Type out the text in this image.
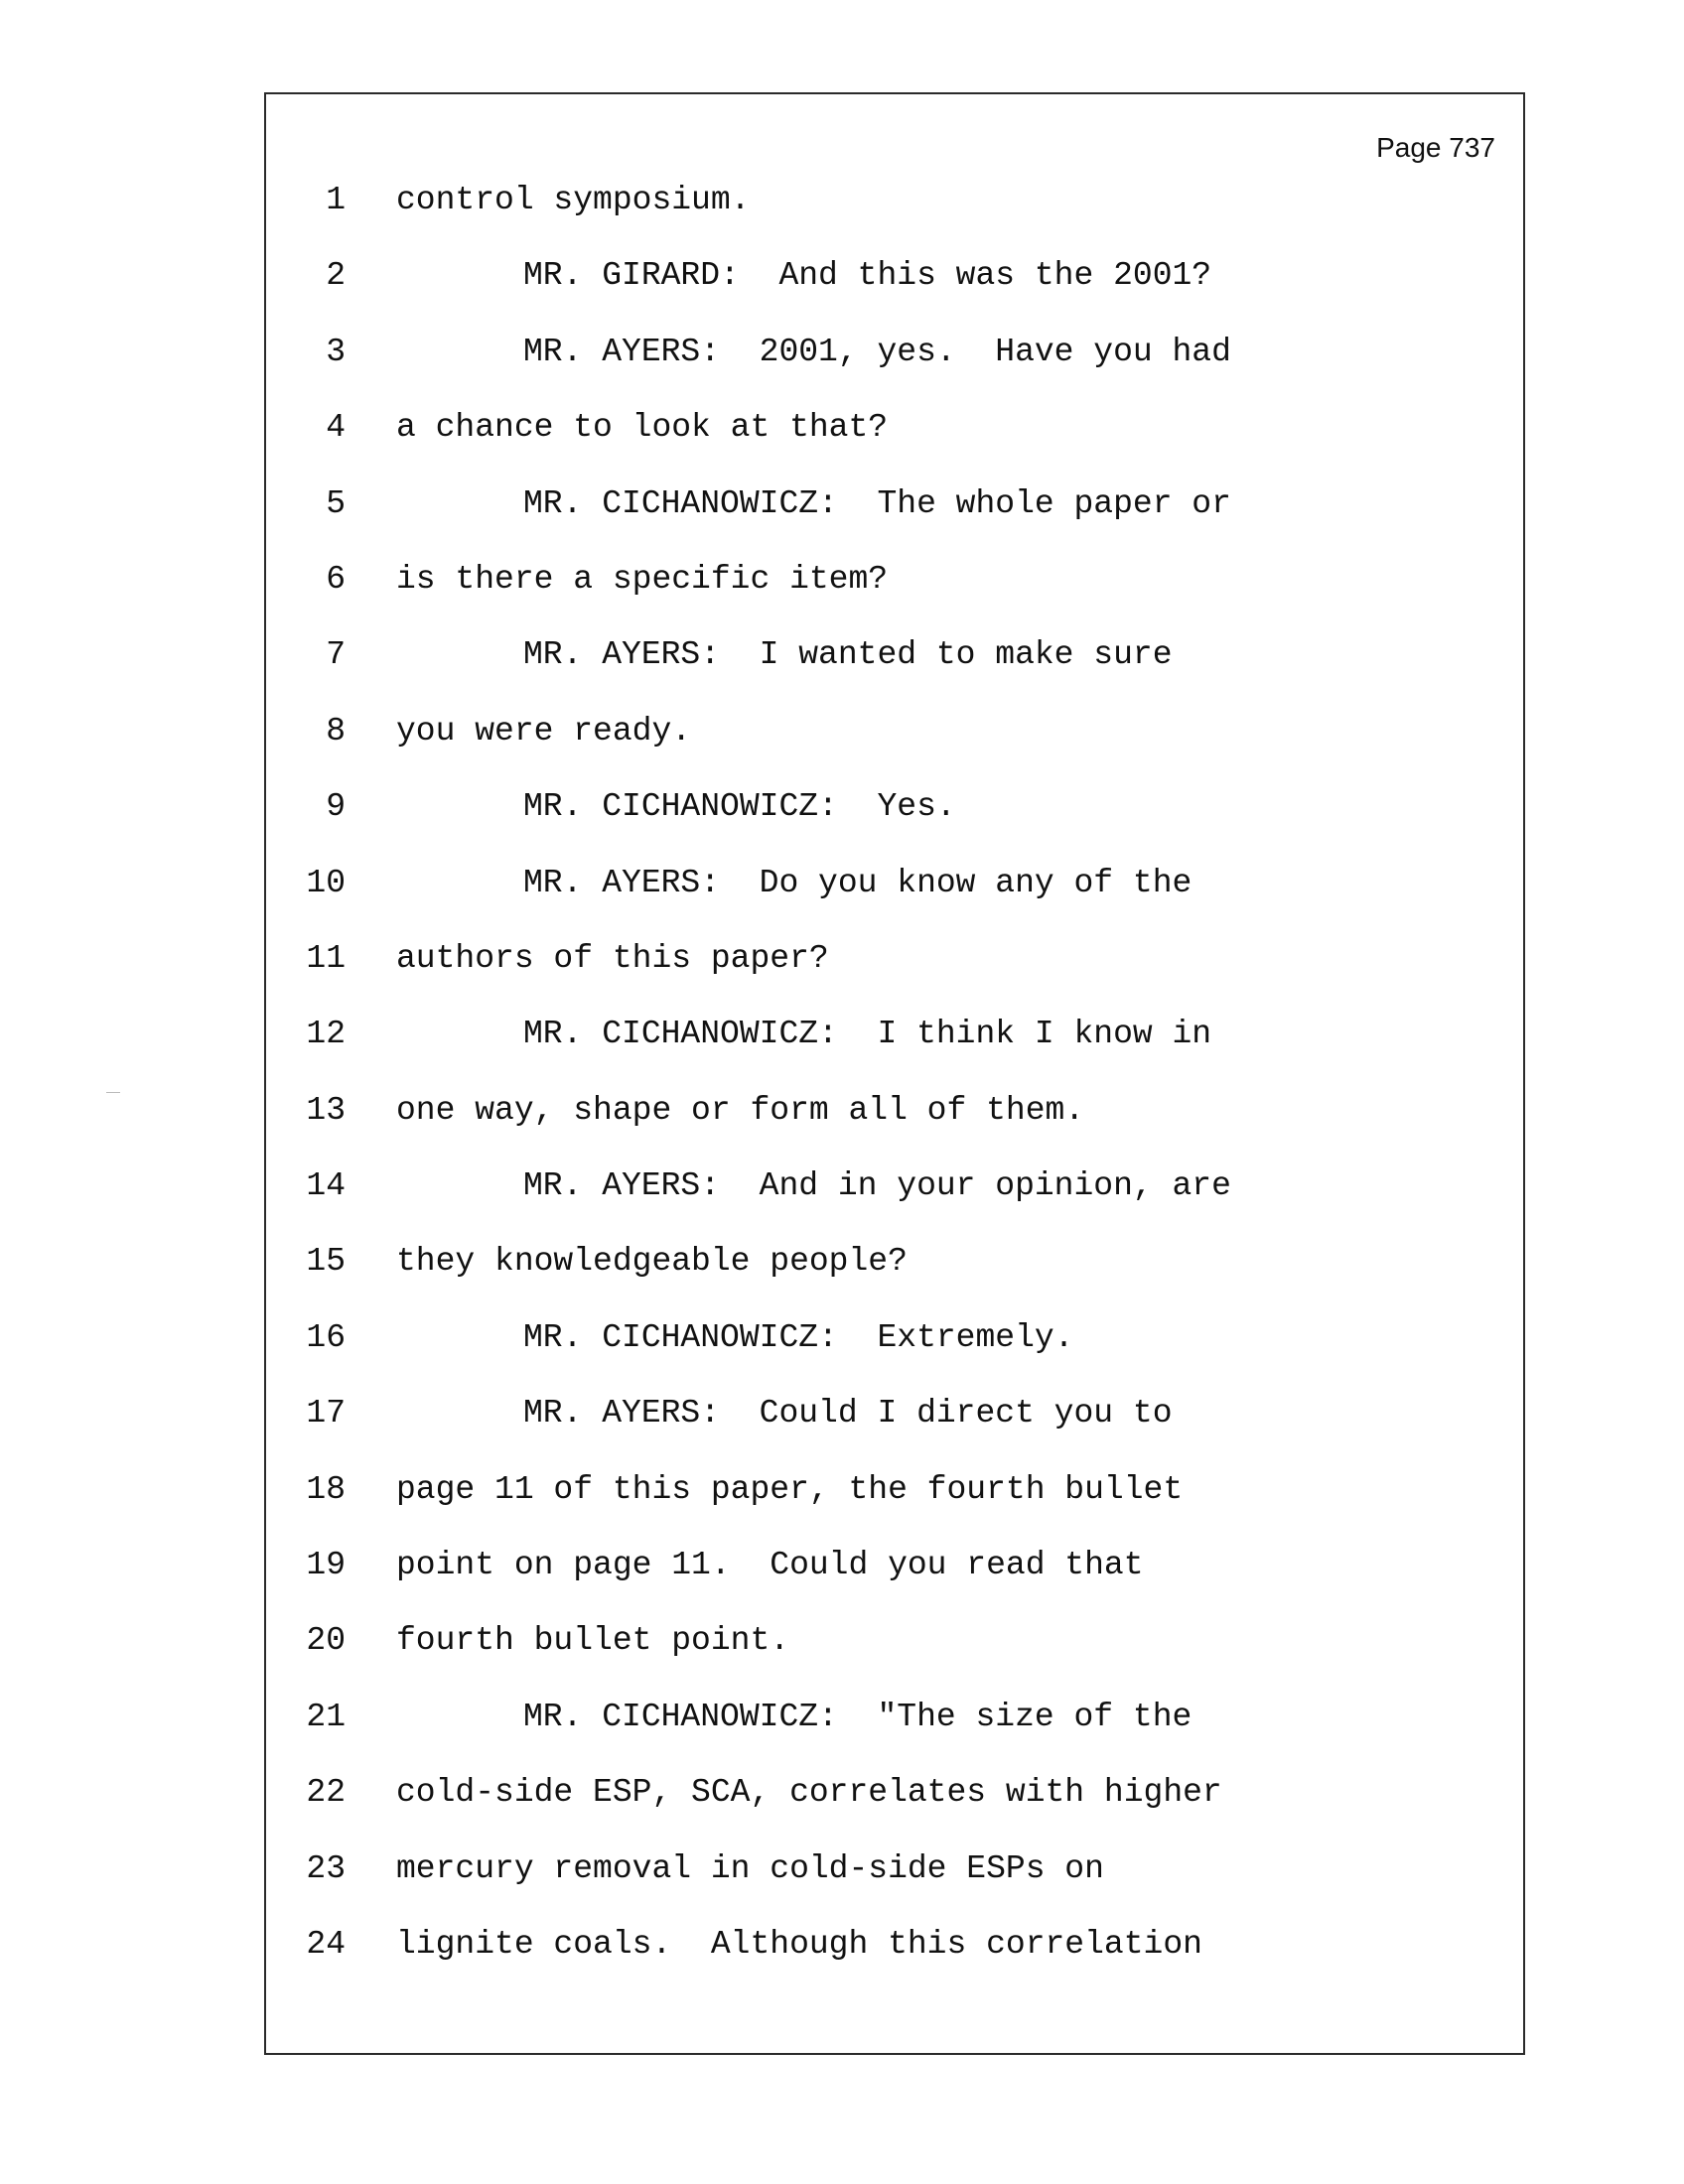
Page 737
1 control symposium.
2	MR. GIRARD:  And this was the 2001?
3	MR. AYERS:  2001, yes.  Have you had
4 a chance to look at that?
5	MR. CICHANOWICZ:  The whole paper or
6 is there a specific item?
7	MR. AYERS:  I wanted to make sure
8 you were ready.
9	MR. CICHANOWICZ:  Yes.
10	MR. AYERS:  Do you know any of the
11 authors of this paper?
12	MR. CICHANOWICZ:  I think I know in
13 one way, shape or form all of them.
14	MR. AYERS:  And in your opinion, are
15 they knowledgeable people?
16	MR. CICHANOWICZ:  Extremely.
17	MR. AYERS:  Could I direct you to
18 page 11 of this paper, the fourth bullet
19 point on page 11.  Could you read that
20 fourth bullet point.
21	MR. CICHANOWICZ:  "The size of the
22 cold-side ESP, SCA, correlates with higher
23 mercury removal in cold-side ESPs on
24 lignite coals.  Although this correlation
